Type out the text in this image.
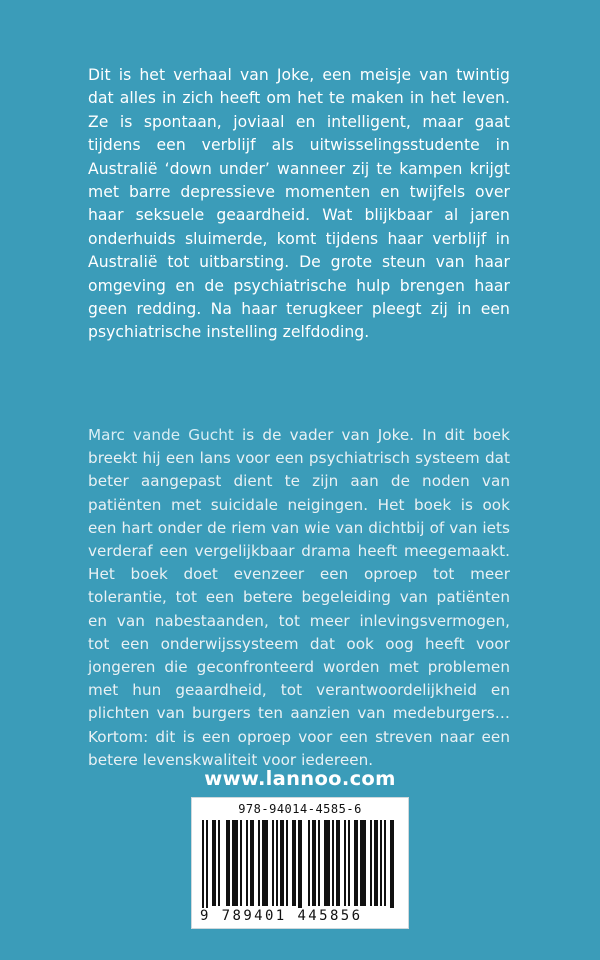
Dit is het verhaal van Joke, een meisje van twintig dat alles in zich heeft om het te maken in het leven. Ze is spontaan, joviaal en intelligent, maar gaat tijdens een verblijf als uitwisselingsstudente in Australië ‘down under’ wanneer zij te kampen krijgt met barre depressieve momenten en twijfels over haar seksuele geaardheid. Wat blijkbaar al jaren onderhuids sluimerde, komt tijdens haar verblijf in Australië tot uitbarsting. De grote steun van haar omgeving en de psychiatrische hulp brengen haar geen redding. Na haar terugkeer pleegt zij in een psychiatrische instelling zelfdoding.

Marc vande Gucht is de vader van Joke. In dit boek breekt hij een lans voor een psychiatrisch systeem dat beter aangepast dient te zijn aan de noden van patiënten met suicidale neigingen. Het boek is ook een hart onder de riem van wie van dichtbij of van iets verderaf een vergelijkbaar drama heeft meegemaakt. Het boek doet evenzeer een oproep tot meer tolerantie, tot een betere begeleiding van patiënten en van nabestaanden, tot meer inlevingsvermogen, tot een onderwijssysteem dat ook oog heeft voor jongeren die geconfronteerd worden met problemen met hun geaardheid, tot verantwoordelijkheid en plichten van burgers ten aanzien van medeburgers… Kortom: dit is een oproep voor een streven naar een betere levenskwaliteit voor iedereen.

www.lannoo.com
978-94014-4585-6
9 789401 445856
